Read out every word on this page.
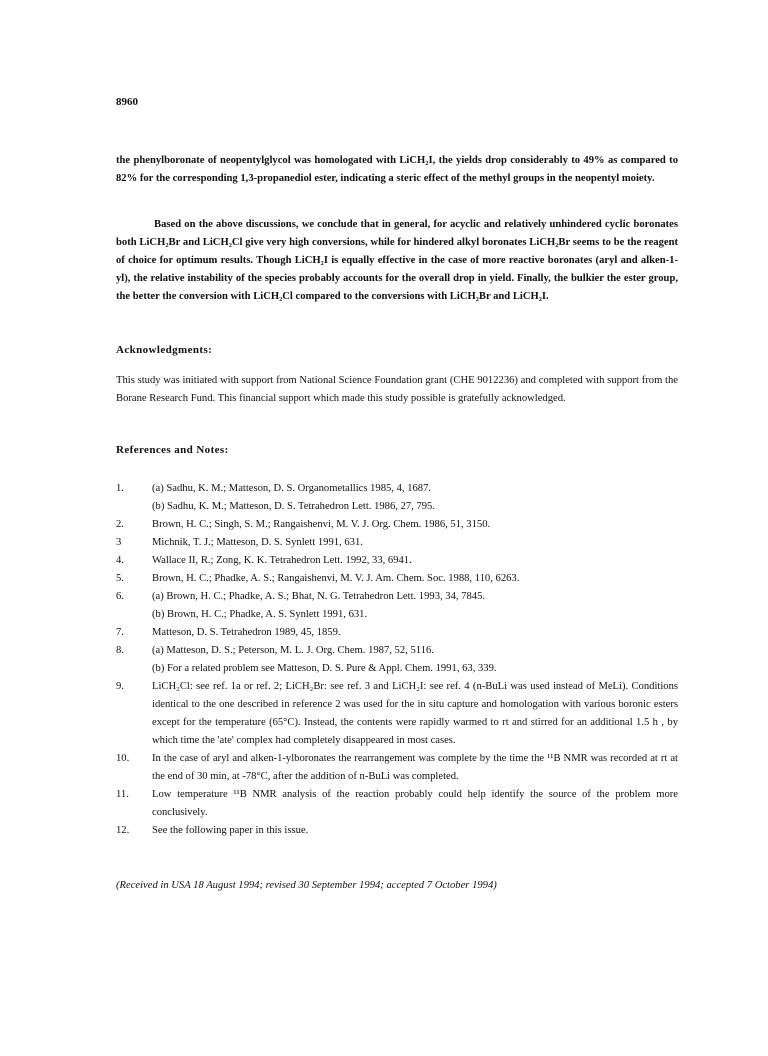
8960

the phenylboronate of neopentylglycol was homologated with LiCH₂I, the yields drop considerably to 49% as compared to 82% for the corresponding 1,3-propanediol ester, indicating a steric effect of the methyl groups in the neopentyl moiety.

Based on the above discussions, we conclude that in general, for acyclic and relatively unhindered cyclic boronates both LiCH₂Br and LiCH₂Cl give very high conversions, while for hindered alkyl boronates LiCH₂Br seems to be the reagent of choice for optimum results. Though LiCH₂I is equally effective in the case of more reactive boronates (aryl and alken-1-yl), the relative instability of the species probably accounts for the overall drop in yield. Finally, the bulkier the ester group, the better the conversion with LiCH₂Cl compared to the conversions with LiCH₂Br and LiCH₂I.

Acknowledgments:

This study was initiated with support from National Science Foundation grant (CHE 9012236) and completed with support from the Borane Research Fund. This financial support which made this study possible is gratefully acknowledged.

References and Notes:
1.	(a) Sadhu, K. M.; Matteson, D. S. Organometallics 1985, 4, 1687.
(b) Sadhu, K. M.; Matteson, D. S. Tetrahedron Lett. 1986, 27, 795.
2.	Brown, H. C.; Singh, S. M.; Rangaishenvi, M. V. J. Org. Chem. 1986, 51, 3150.
3	Michnik, T. J.; Matteson, D. S. Synlett 1991, 631.
4.	Wallace II, R.; Zong, K. K. Tetrahedron Lett. 1992, 33, 6941.
5.	Brown, H. C.; Phadke, A. S.; Rangaishenvi, M. V. J. Am. Chem. Soc. 1988, 110, 6263.
6.	(a) Brown, H. C.; Phadke, A. S.; Bhat, N. G. Tetrahedron Lett. 1993, 34, 7845.
(b) Brown, H. C.; Phadke, A. S. Synlett 1991, 631.
7.	Matteson, D. S. Tetrahedron 1989, 45, 1859.
8.	(a) Matteson, D. S.; Peterson, M. L. J. Org. Chem. 1987, 52, 5116.
(b) For a related problem see Matteson, D. S. Pure & Appl. Chem. 1991, 63, 339.
9.	LiCH₂Cl: see ref. 1a or ref. 2; LiCH₂Br: see ref. 3 and LiCH₂I: see ref. 4 (n-BuLi was used instead of MeLi). Conditions identical to the one described in reference 2 was used for the in situ capture and homologation with various boronic esters except for the temperature (65°C). Instead, the contents were rapidly warmed to rt and stirred for an additional 1.5 h , by which time the 'ate' complex had completely disappeared in most cases.
10.	In the case of aryl and alken-1-ylboronates the rearrangement was complete by the time the ¹¹B NMR was recorded at rt at the end of 30 min, at -78°C, after the addition of n-BuLi was completed.
11.	Low temperature ¹¹B NMR analysis of the reaction probably could help identify the source of the problem more conclusively.
12.	See the following paper in this issue.
(Received in USA 18 August 1994; revised 30 September 1994; accepted 7 October 1994)
